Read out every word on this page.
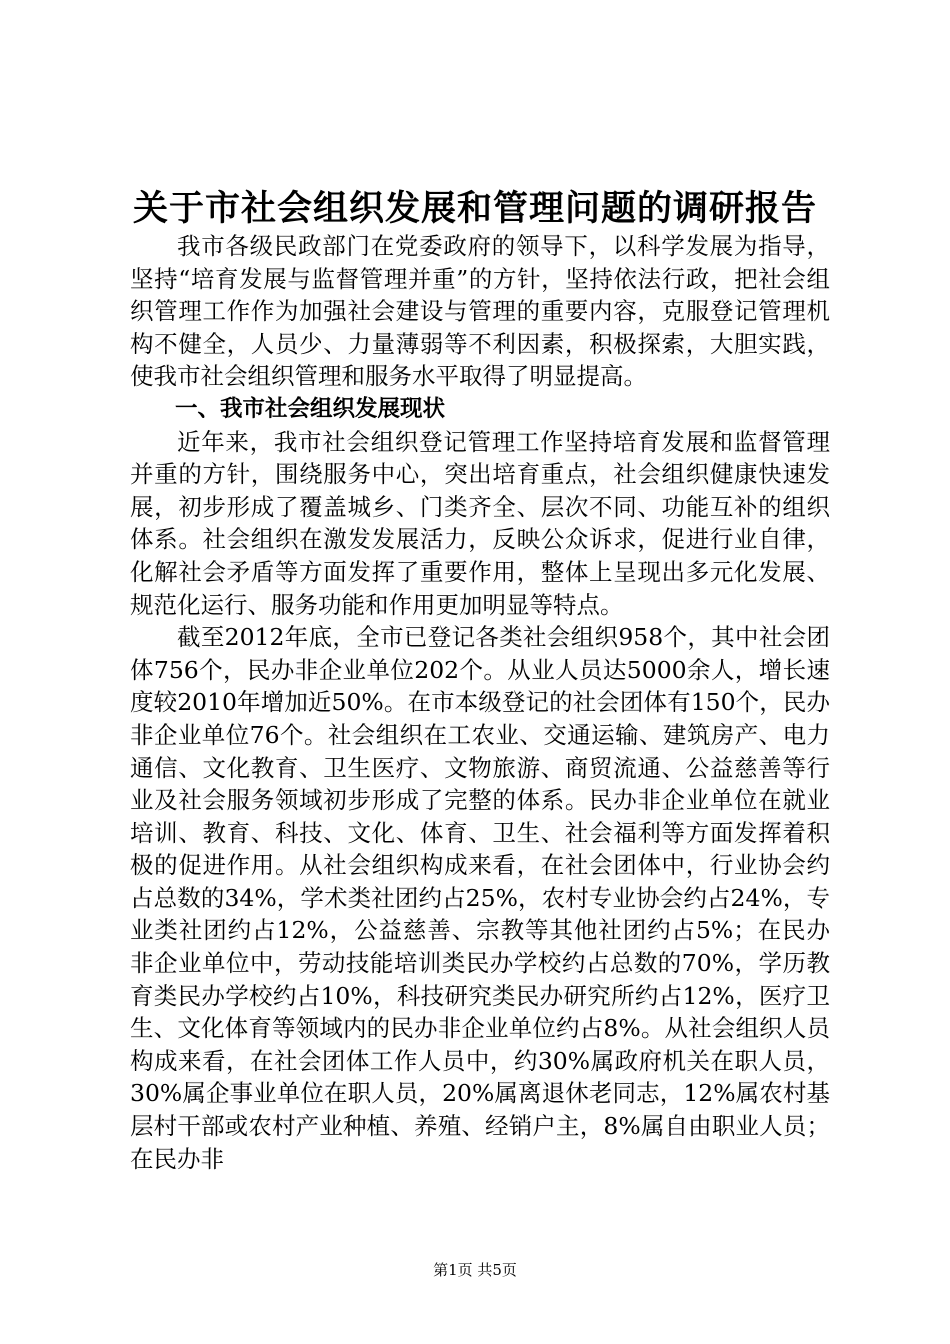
关于市社会组织发展和管理问题的调研报告

我市各级民政部门在党委政府的领导下，以科学发展为指导，坚持“培育发展与监督管理并重”的方针，坚持依法行政，把社会组织管理工作作为加强社会建设与管理的重要内容，克服登记管理机构不健全，人员少、力量薄弱等不利因素，积极探索，大胆实践，使我市社会组织管理和服务水平取得了明显提高。

一、我市社会组织发展现状

近年来，我市社会组织登记管理工作坚持培育发展和监督管理并重的方针，围绕服务中心，突出培育重点，社会组织健康快速发展，初步形成了覆盖城乡、门类齐全、层次不同、功能互补的组织体系。社会组织在激发发展活力，反映公众诉求，促进行业自律，化解社会矛盾等方面发挥了重要作用，整体上呈现出多元化发展、规范化运行、服务功能和作用更加明显等特点。

截至2012年底，全市已登记各类社会组织958个，其中社会团体756个，民办非企业单位202个。从业人员达5000余人，增长速度较2010年增加近50%。在市本级登记的社会团体有150个，民办非企业单位76个。社会组织在工农业、交通运输、建筑房产、电力通信、文化教育、卫生医疗、文物旅游、商贸流通、公益慈善等行业及社会服务领域初步形成了完整的体系。民办非企业单位在就业培训、教育、科技、文化、体育、卫生、社会福利等方面发挥着积极的促进作用。从社会组织构成来看，在社会团体中，行业协会约占总数的34%，学术类社团约占25%，农村专业协会约占24%，专业类社团约占12%，公益慈善、宗教等其他社团约占5%；在民办非企业单位中，劳动技能培训类民办学校约占总数的70%，学历教育类民办学校约占10%，科技研究类民办研究所约占12%，医疗卫生、文化体育等领域内的民办非企业单位约占8%。从社会组织人员构成来看，在社会团体工作人员中，约30%属政府机关在职人员，30%属企事业单位在职人员，20%属离退休老同志，12%属农村基层村干部或农村产业种植、养殖、经销户主，8%属自由职业人员；在民办非

第1页 共5页
